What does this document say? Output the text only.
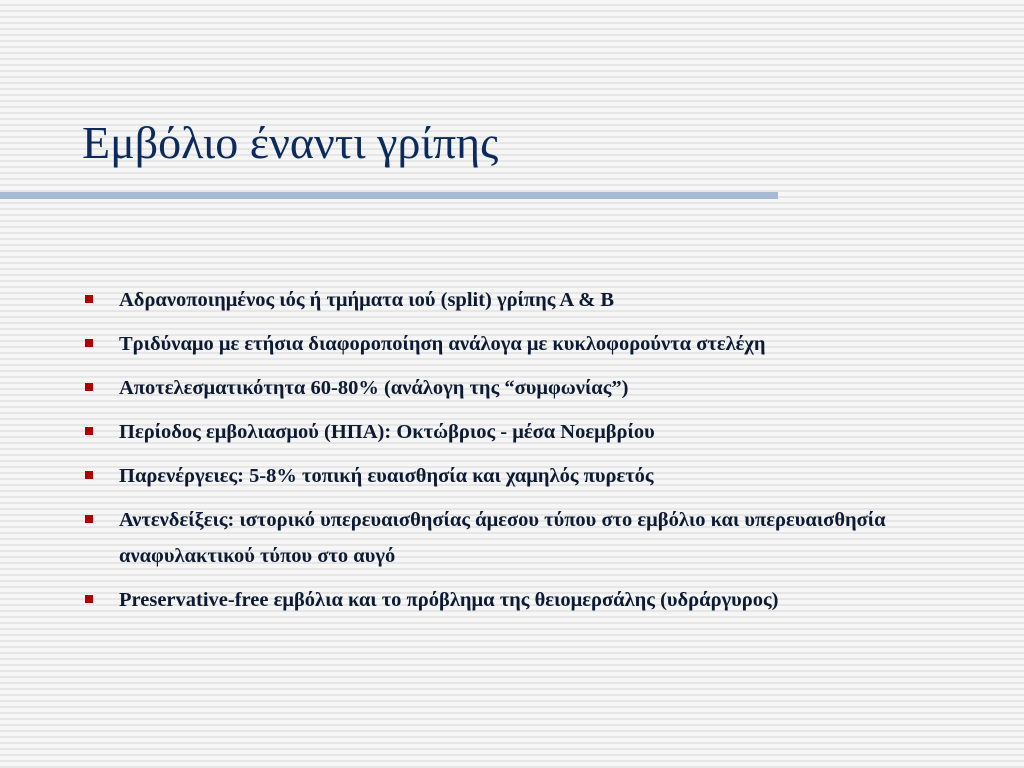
Εμβόλιο έναντι γρίπης
Αδρανοποιημένος ιός ή τμήματα ιού (split) γρίπης Α & Β
Τριδύναμο με ετήσια διαφοροποίηση ανάλογα με κυκλοφορούντα στελέχη
Αποτελεσματικότητα 60-80% (ανάλογη της “συμφωνίας”)
Περίοδος εμβολιασμού (ΗΠΑ): Οκτώβριος - μέσα Νοεμβρίου
Παρενέργειες: 5-8% τοπική ευαισθησία και χαμηλός πυρετός
Αντενδείξεις: ιστορικό υπερευαισθησίας άμεσου τύπου στο εμβόλιο και υπερευαισθησία αναφυλακτικού τύπου στο αυγό
Preservative-free εμβόλια και το πρόβλημα της θειομερσάλης (υδράργυρος)
